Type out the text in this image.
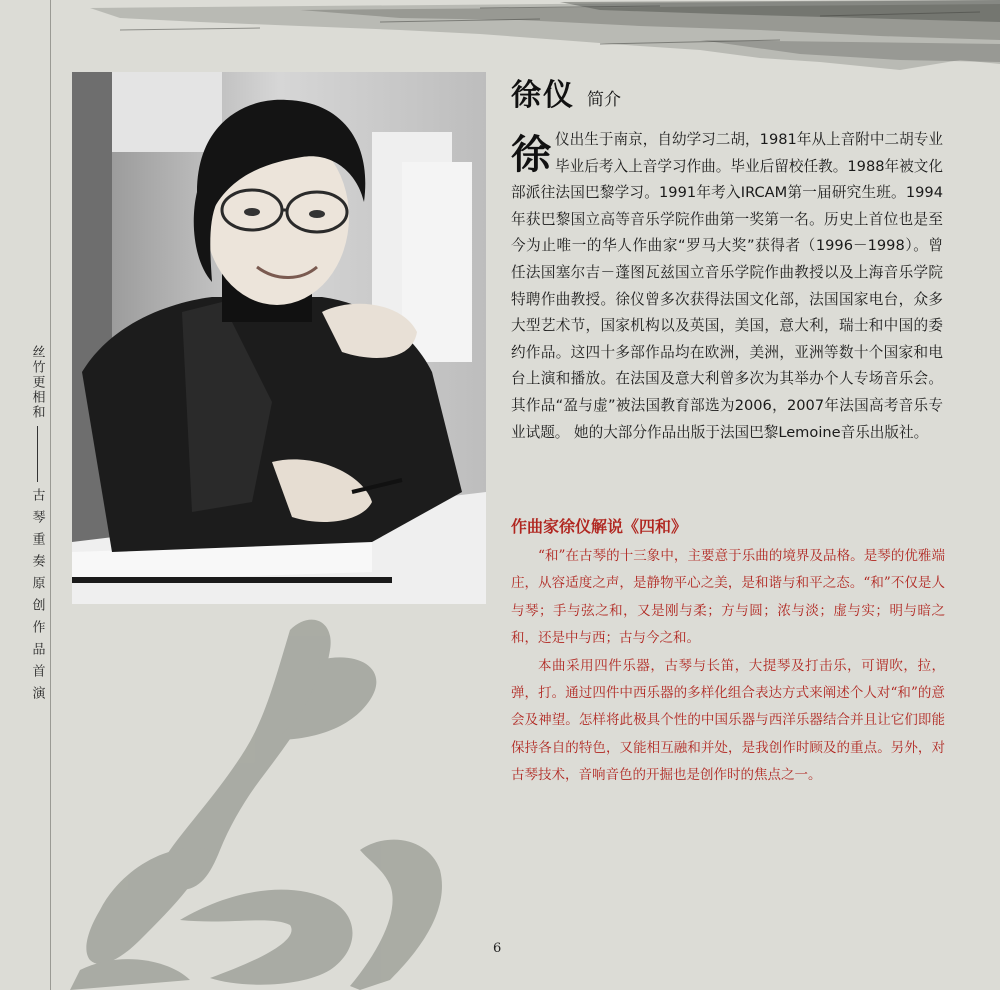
丝竹更相和
古琴重奏原创作品首演
徐仪 简介
徐仪出生于南京，自幼学习二胡，1981年从上音附中二胡专业毕业后考入上音学习作曲。毕业后留校任教。1988年被文化部派往法国巴黎学习。1991年考入IRCAM第一届研究生班。1994年获巴黎国立高等音乐学院作曲第一奖第一名。历史上首位也是至今为止唯一的华人作曲家“罗马大奖”获得者（1996－1998）。曾任法国塞尔吉－蓬图瓦兹国立音乐学院作曲教授以及上海音乐学院特聘作曲教授。徐仪曾多次获得法国文化部，法国国家电台，众多大型艺术节，国家机构以及英国，美国，意大利，瑞士和中国的委约作品。这四十多部作品均在欧洲，美洲，亚洲等数十个国家和电台上演和播放。在法国及意大利曾多次为其举办个人专场音乐会。其作品“盈与虚”被法国教育部选为2006，2007年法国高考音乐专业试题。 她的大部分作品出版于法国巴黎Lemoine音乐出版社。
作曲家徐仪解说《四和》

“和”在古琴的十三象中，主要意于乐曲的境界及品格。是琴的优雅端庄，从容适度之声，是静物平心之美，是和谐与和平之态。“和”不仅是人与琴；手与弦之和，又是刚与柔；方与圆；浓与淡；虚与实；明与暗之和，还是中与西；古与今之和。

本曲采用四件乐器，古琴与长笛，大提琴及打击乐，可谓吹，拉，弹，打。通过四件中西乐器的多样化组合表达方式来阐述个人对“和”的意会及神望。怎样将此极具个性的中国乐器与西洋乐器结合并且让它们即能保持各自的特色，又能相互融和并处，是我创作时顾及的重点。另外，对古琴技术，音响音色的开掘也是创作时的焦点之一。

6
